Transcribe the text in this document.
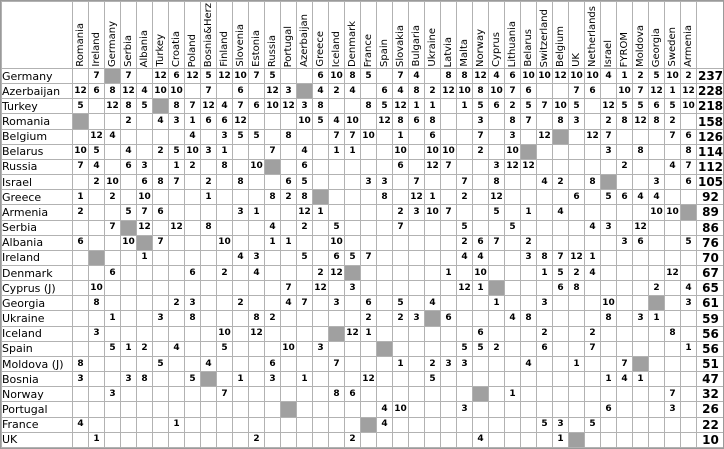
	Romania	Ireland	Germany	Serbia	Albania	Turkey	Croatia	Poland	Bosnia&Herz	Finland	Slovenia	Estonia	Russia	Portugal	Azerbaijan	Greece	Iceland	Denmark	France	Spain	Slovakia	Bulgaria	Ukraine	Latvia	Malta	Norway	Cyprus	Lithuania	Belarus	Switzerland	Belgium	UK	Netherlands	Israel	FYROM	Moldova	Georgia	Sweden	Armenia	

Germany		7		7		12	6	12	5	12	10	7	5			6	10	8	5		7	4		8	8	12	4	6	10	10	12	10	10	4	1	2	5	10	2	237
Azerbaijan	12	6	8	12	4	10	10		7		6		12	3		4	2	4		6	4	8	2	12	10	8	10	7	6			7	6		10	7	12	1	12	228
Turkey	5		12	8	5		8	7	12	4	7	6	10	12	3	8			8	5	12	1	1		1	5	6	2	5	7	10	5		12	5	5	6	5	10	218
Romania				2		4	3	1	6	6	12				10	5	4	10		12	8	6	8			3		8	7		8	3		2	8	12	8	2		158
Belgium		12	4					4		3	5	5		8			7	7	10		1		6			7		3		12			12	7				7	6	126
Belarus	10	5		4		2	5	10	3	1			7		4		1	1			10		10	10		2		10						3		8			8	114
Russia	7	4		6	3		1	2		8		10			6						6		12	7			3	12	12						2			4	7	112
Israel		2	10		6	8	7		2		8			6	5				3	3		7			7		8			4	2		8				3		6	105
Greece	1		2		10				1				8	2	8					8		12	1		2		12					6		5	6	4	4			92
Armenia	2			5	7	6					3	1			12	1					2	3	10	7			5		1		4						10	10		89
Serbia			7		12		12		8				4		2		5				7				5			5					4	3		12				86
Albania	6			10		7				10			1	1			10								2	6	7		2						3	6			5	76
Ireland					1						4	3			5		6	5	7						4	4			3	8	7	12	1							70
Denmark			6					6		2		4				2	12							1		10				1	5	2	4					12		67
Cyprus (J)		10												7		12		3							12	1					6	8					2		4	65
Georgia		8					2	3			2			4	7		3		6		5		4				1			3				10					3	61
Ukraine			1			3		8				8	2						2		2	3		6				4	8					8		3	1			59
Iceland		3								10		12						12	1							6				2			2					8		56
Spain			5	1	2		4			5				10		3									5	5	2			6			7						1	56
Moldova (J)	8					5			4				6				7				1		2	3	3				4			1			7					51
Bosnia	3			3	8			5			1		3		1				12				5											1	4	1				47
Norway			3							7							8	6										1										7		32
Portugal																				4	10				3									6				3		26
France	4						1													4										5	3		5							22
UK		1										2						2								4					1									10
